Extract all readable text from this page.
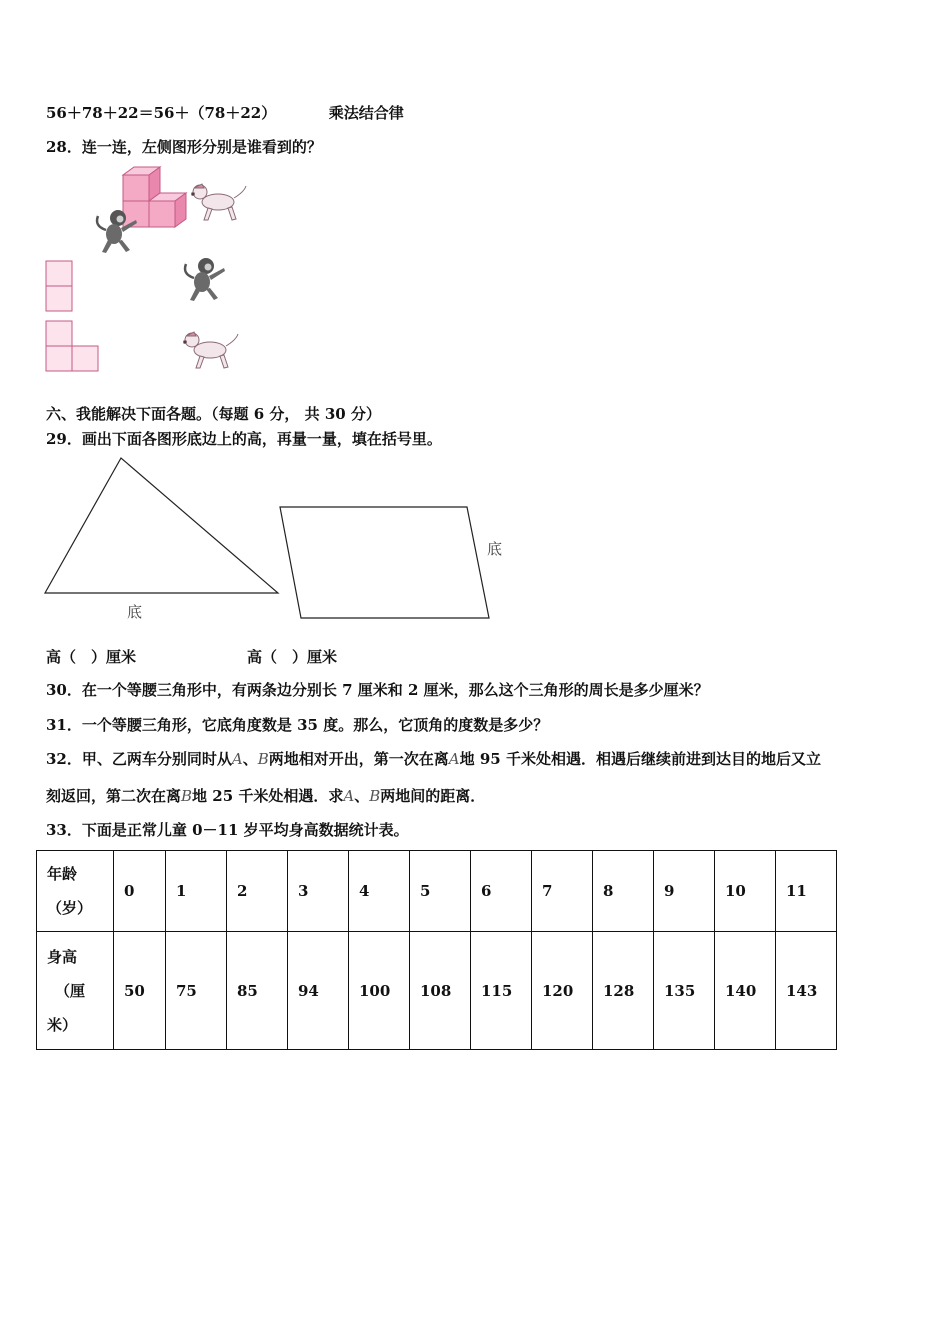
56＋78＋22＝56＋（78＋22）	乘法结合律
28．连一连，左侧图形分别是谁看到的？
六、我能解决下面各题。（每题 6 分， 共 30 分）
29．画出下面各图形底边上的高，再量一量，填在括号里。
底
底
高（　）厘米	高（　）厘米
30．在一个等腰三角形中，有两条边分别长 7 厘米和 2 厘米，那么这个三角形的周长是多少厘米？
31．一个等腰三角形，它底角度数是 35 度。那么，它顶角的度数是多少？
32．甲、乙两车分别同时从A、B两地相对开出，第一次在离A地 95 千米处相遇．相遇后继续前进到达目的地后又立
刻返回，第二次在离B地 25 千米处相遇．求A、B两地间的距离．
33．下面是正常儿童 0－11 岁平均身高数据统计表。
年龄
（岁）	0	1	2	3	4	5	6	7	8	9	10	11

身高
（厘
米）	50	75	85	94	100	108	115	120	128	135	140	143
